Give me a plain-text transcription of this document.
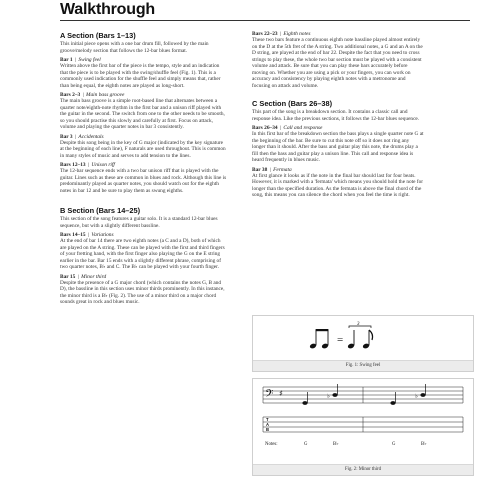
Walkthrough
A Section (Bars 1–13)

This initial piece opens with a one bar drum fill, followed by the main groove/melody section that follows the 12-bar blues format.

Bar 1 | Swing feel

Written above the first bar of the piece is the tempo, style and an indication that the piece is to be played with the swing/shuffle feel (Fig. 1). This is a commonly used indication for the shuffle feel and simply means that, rather than being equal, the eighth notes are played as long-short.

Bars 2–3 | Main bass groove

The main bass groove is a simple root-based line that alternates between a quarter note/eighth-note rhythm in the first bar and a unison riff played with the guitar in the second. The switch from one to the other needs to be smooth, so you should practise this slowly and carefully at first. Focus on attack, volume and playing the quarter notes in bar 3 consistently.

Bar 3 | Accidentals

Despite this song being in the key of G major (indicated by the key signature at the beginning of each line), F naturals are used throughout. This is common in many styles of music and serves to add tension to the lines.

Bars 12–13 | Unison riff

The 12-bar sequence ends with a two bar unison riff that is played with the guitar. Lines such as these are common in blues and rock. Although this line is predominantly played as quarter notes, you should watch out for the eighth notes in bar 12 and be sure to play them as swung eighths.

B Section (Bars 14–25)

This section of the song features a guitar solo. It is a standard 12-bar blues sequence, but with a slightly different bassline.

Bars 14–15 | Variations

At the end of bar 14 there are two eighth notes (a C and a D), both of which are played on the A string. These can be played with the first and third fingers of your fretting hand, with the first finger also playing the G on the E string earlier in the bar. Bar 15 ends with a slightly different phrase, comprising of two quarter notes, B♭ and C. The B♭ can be played with your fourth finger.

Bar 15 | Minor third

Despite the presence of a G major chord (which contains the notes G, B and D), the bassline in this section uses minor thirds prominently. In this instance, the minor third is a B♭ (Fig. 2). The use of a minor third on a major chord sounds great in rock and blues music.

Bars 22–23 | Eighth notes

These two bars feature a continuous eighth note bassline played almost entirely on the D at the 5th fret of the A string. Two additional notes, a G and an A on the D string, are played at the end of bar 22. Despite the fact that you need to cross strings to play these, the whole two bar section must be played with a consistent volume and attack. Be sure that you can play these bars accurately before moving on. Whether you are using a pick or your fingers, you can work on accuracy and consistency by playing eighth notes with a metronome and focusing on attack and volume.

C Section (Bars 26–38)

This part of the song is a breakdown section. It contains a classic call and response idea. Like the previous sections, it follows the 12-bar blues sequence.

Bars 26–34 | Call and response

In this first bar of the breakdown section the bass plays a single quarter note G at the beginning of the bar. Be sure to cut this note off so it does not ring any longer than it should. After the bass and guitar play this note, the drums play a fill then the bass and guitar play a unison line. This call and response idea is heard frequently in blues music.

Bar 38 | Fermata

At first glance it looks as if the note in the final bar should last for four beats. However, it is marked with a 'fermata' which means you should hold the note for longer than the specified duration. As the fermata is above the final chord of the song, this means you can silence the chord when you feel the time is right.

=
3
Fig. 1: Swing feel
𝄢 ♯	♭	♭
T
A
B
Notes:	G	B♭	G	B♭
Fig. 2: Minor third
